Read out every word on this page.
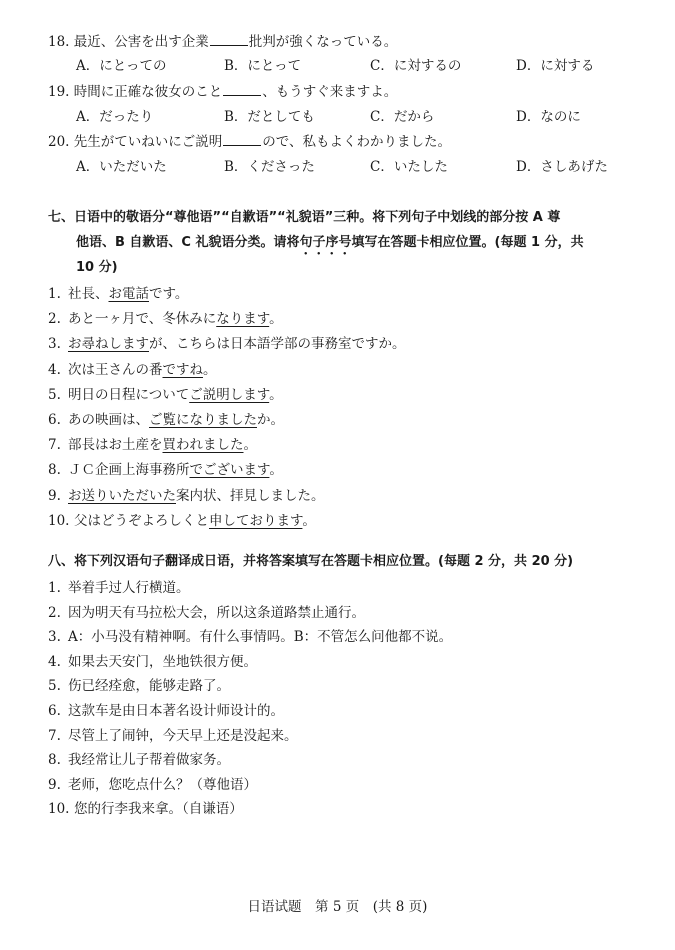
18. 最近、公害を出す企業	批判が強くなっている。
A．にとっての	B．にとって	C．に対するの	D．に対する
19. 時間に正確な彼女のこと	、もうすぐ来ますよ。
A．だったり	B．だとしても	C．だから	D．なのに
20. 先生がていねいにご説明	ので、私もよくわかりました。
A．いただいた	B．くださった	C．いたした	D．さしあげた
七、日语中的敬语分“尊他语”“自歉语”“礼貌语”三种。将下列句子中划线的部分按 A 尊
他语、B 自歉语、C 礼貌语分类。请将句子序号填写在答题卡相应位置。(每题 1 分，共
10 分)
1. 社長、お電話です。
2. あと一ヶ月で、冬休みになります。
3. お尋ねしますが、こちらは日本語学部の事務室ですか。
4. 次は王さんの番ですね。
5. 明日の日程についてご説明します。
6. あの映画は、ご覧になりましたか。
7. 部長はお土産を買われました。
8. ＪＣ企画上海事務所でございます。
9. お送りいただいた案内状、拝見しました。
10. 父はどうぞよろしくと申しております。
八、将下列汉语句子翻译成日语，并将答案填写在答题卡相应位置。(每题 2 分，共 20 分)
1. 举着手过人行横道。
2. 因为明天有马拉松大会，所以这条道路禁止通行。
3. A：小马没有精神啊。有什么事情吗。B：不管怎么问他都不说。
4. 如果去天安门，坐地铁很方便。
5. 伤已经痊愈，能够走路了。
6. 这款车是由日本著名设计师设计的。
7. 尽管上了闹钟，今天早上还是没起来。
8. 我经常让儿子帮着做家务。
9. 老师，您吃点什么？（尊他语）
10. 您的行李我来拿。（自谦语）
日语试题　第 5 页　(共 8 页)
